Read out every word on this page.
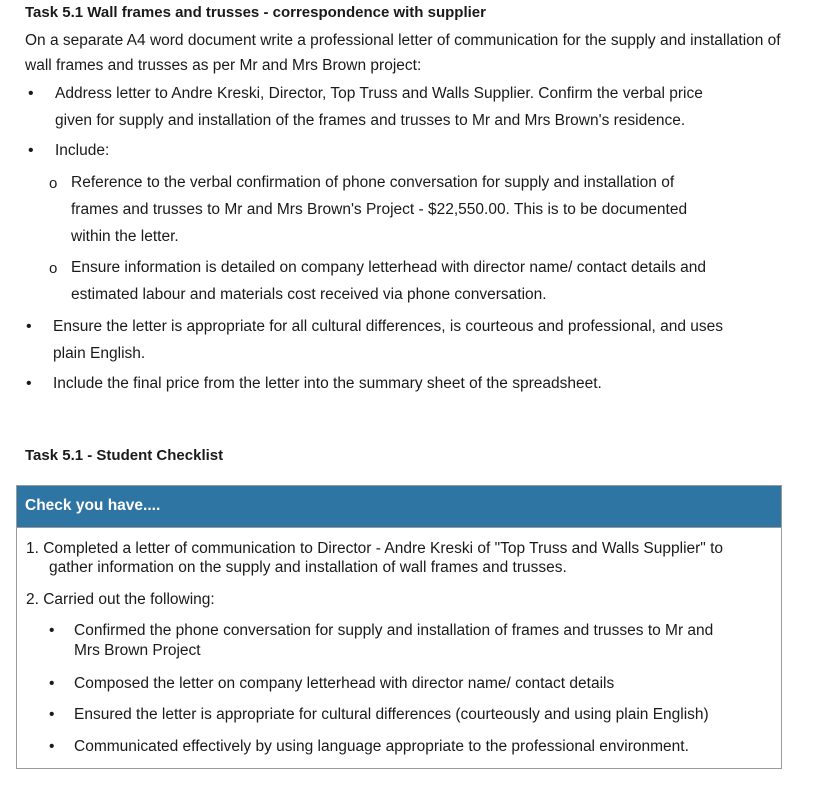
Task 5.1 Wall frames and trusses - correspondence with supplier
On a separate A4 word document write a professional letter of communication for the supply and installation of wall frames and trusses as per Mr and Mrs Brown project:
• Address letter to Andre Kreski, Director, Top Truss and Walls Supplier. Confirm the verbal price
given for supply and installation of the frames and trusses to Mr and Mrs Brown's residence.
• Include:
o Reference to the verbal confirmation of phone conversation for supply and installation of
frames and trusses to Mr and Mrs Brown's Project - $22,550.00. This is to be documented
within the letter.
o Ensure information is detailed on company letterhead with director name/ contact details and
estimated labour and materials cost received via phone conversation.
• Ensure the letter is appropriate for all cultural differences, is courteous and professional, and uses
plain English.
• Include the final price from the letter into the summary sheet of the spreadsheet.
Task 5.1 - Student Checklist
Check you have....
1. Completed a letter of communication to Director - Andre Kreski of "Top Truss and Walls Supplier" to
gather information on the supply and installation of wall frames and trusses.
2. Carried out the following:
• Confirmed the phone conversation for supply and installation of frames and trusses to Mr and
Mrs Brown Project
• Composed the letter on company letterhead with director name/ contact details
• Ensured the letter is appropriate for cultural differences (courteously and using plain English)
• Communicated effectively by using language appropriate to the professional environment.
